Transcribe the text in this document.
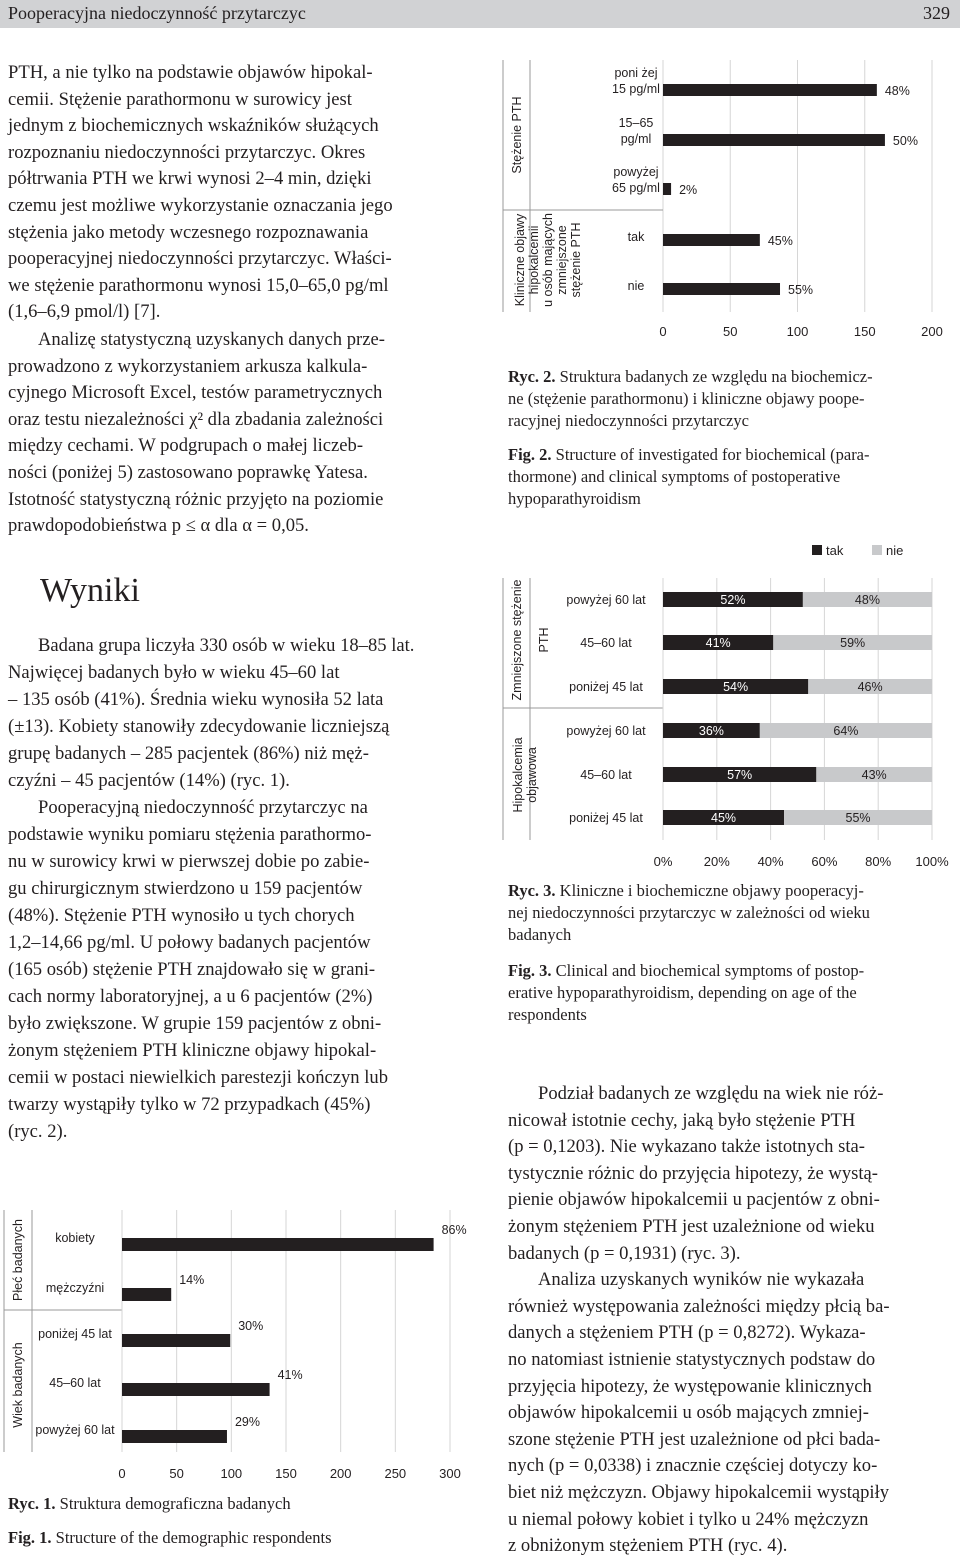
Pooperacyjna niedoczynność przytarczyc	329
PTH, a nie tylko na podstawie objawów hipokal-
cemii. Stężenie parathormonu w surowicy jest
jednym z biochemicznych wskaźników służących
rozpoznaniu niedoczynności przytarczyc. Okres
półtrwania PTH we krwi wynosi 2–4 min, dzięki
czemu jest możliwe wykorzystanie oznaczania jego
stężenia jako metody wczesnego rozpoznawania
pooperacyjnej niedoczynności przytarczyc. Właści-
we stężenie parathormonu wynosi 15,0–65,0 pg/ml
(1,6–6,9 pmol/l) [7].
Analizę statystyczną uzyskanych danych prze-
prowadzono z wykorzystaniem arkusza kalkula-
cyjnego Microsoft Excel, testów parametrycznych
oraz testu niezależności χ² dla zbadania zależności
między cechami. W podgrupach o małej liczeb-
ności (poniżej 5) zastosowano poprawkę Yatesa.
Istotność statystyczną różnic przyjęto na poziomie
prawdopodobieństwa p ≤ α dla α = 0,05.
Wyniki
Badana grupa liczyła 330 osób w wieku 18–85 lat.
Najwięcej badanych było w wieku 45–60 lat
– 135 osób (41%). Średnia wieku wynosiła 52 lata
(±13). Kobiety stanowiły zdecydowanie liczniejszą
grupę badanych – 285 pacjentek (86%) niż męż-
czyźni – 45 pacjentów (14%) (ryc. 1).
Pooperacyjną niedoczynność przytarczyc na
podstawie wyniku pomiaru stężenia parathormo-
nu w surowicy krwi w pierwszej dobie po zabie-
gu chirurgicznym stwierdzono u 159 pacjentów
(48%). Stężenie PTH wynosiło u tych chorych
1,2–14,66 pg/ml. U połowy badanych pacjentów
(165 osób) stężenie PTH znajdowało się w grani-
cach normy laboratoryjnej, a u 6 pacjentów (2%)
było zwiększone. W grupie 159 pacjentów z obni-
żonym stężeniem PTH kliniczne objawy hipokal-
cemii w postaci niewielkich parestezji kończyn lub
twarzy wystąpiły tylko w 72 przypadkach (45%)
(ryc. 2).
Podział badanych ze względu na wiek nie róż-
nicował istotnie cechy, jaką było stężenie PTH
(p = 0,1203). Nie wykazano także istotnych sta-
tystycznie różnic do przyjęcia hipotezy, że wystą-
pienie objawów hipokalcemii u pacjentów z obni-
żonym stężeniem PTH jest uzależnione od wieku
badanych (p = 0,1931) (ryc. 3).
Analiza uzyskanych wyników nie wykazała
również występowania zależności między płcią ba-
danych a stężeniem PTH (p = 0,8272). Wykaza-
no natomiast istnienie statystycznych podstaw do
przyjęcia hipotezy, że występowanie klinicznych
objawów hipokalcemii u osób mających zmniej-
szone stężenie PTH jest uzależnione od płci bada-
nych (p = 0,0338) i znacznie częściej dotyczy ko-
biet niż mężczyzn. Objawy hipokalcemii wystąpiły
u niemal połowy kobiet i tylko u 24% mężczyzn
z obniżonym stężeniem PTH (ryc. 4).
Ryc. 2. Struktura badanych ze względu na biochemicz-
ne (stężenie parathormonu) i kliniczne objawy poope-
racyjnej niedoczynności przytarczyc
Fig. 2. Structure of investigated for biochemical (para-
thormone) and clinical symptoms of postoperative
hypoparathyroidism
Ryc. 3. Kliniczne i biochemiczne objawy pooperacyj-
nej niedoczynności przytarczyc w zależności od wieku
badanych
Fig. 3. Clinical and biochemical symptoms of postop-
erative hypoparathyroidism, depending on age of the
respondents
Ryc. 1. Struktura demograficzna badanych
Fig. 1. Structure of the demographic respondents
0	50	100	150	200
Stężenie PTH
Kliniczne objawyhipokalcemiiu osób mającychzmniejszonestężenie PTH
poni żej 15 pg/ml	48%
15–65 pg/ml	50%
powyżej 65 pg/ml 2%
tak	45%
nie	55%
0% 20% 40% 60% 80% 100%
Zmniejszone stężenie PTH
Hipokalcemiaobjawowa
tak	nie
powyżej 60 lat	52%	48%
45–60 lat	41%	59%
poniżej 45 lat	54%	46%
powyżej 60 lat	36%	64%
45–60 lat	57%	43%
poniżej 45 lat	45%	55%
0	50	100	150	200	250	300
Płeć badanych
Wiek badanych
kobiety
86%
mężczyźni
14%
poniżej 45 lat
30%
45–60 lat
41%
powyżej 60 lat
29%
